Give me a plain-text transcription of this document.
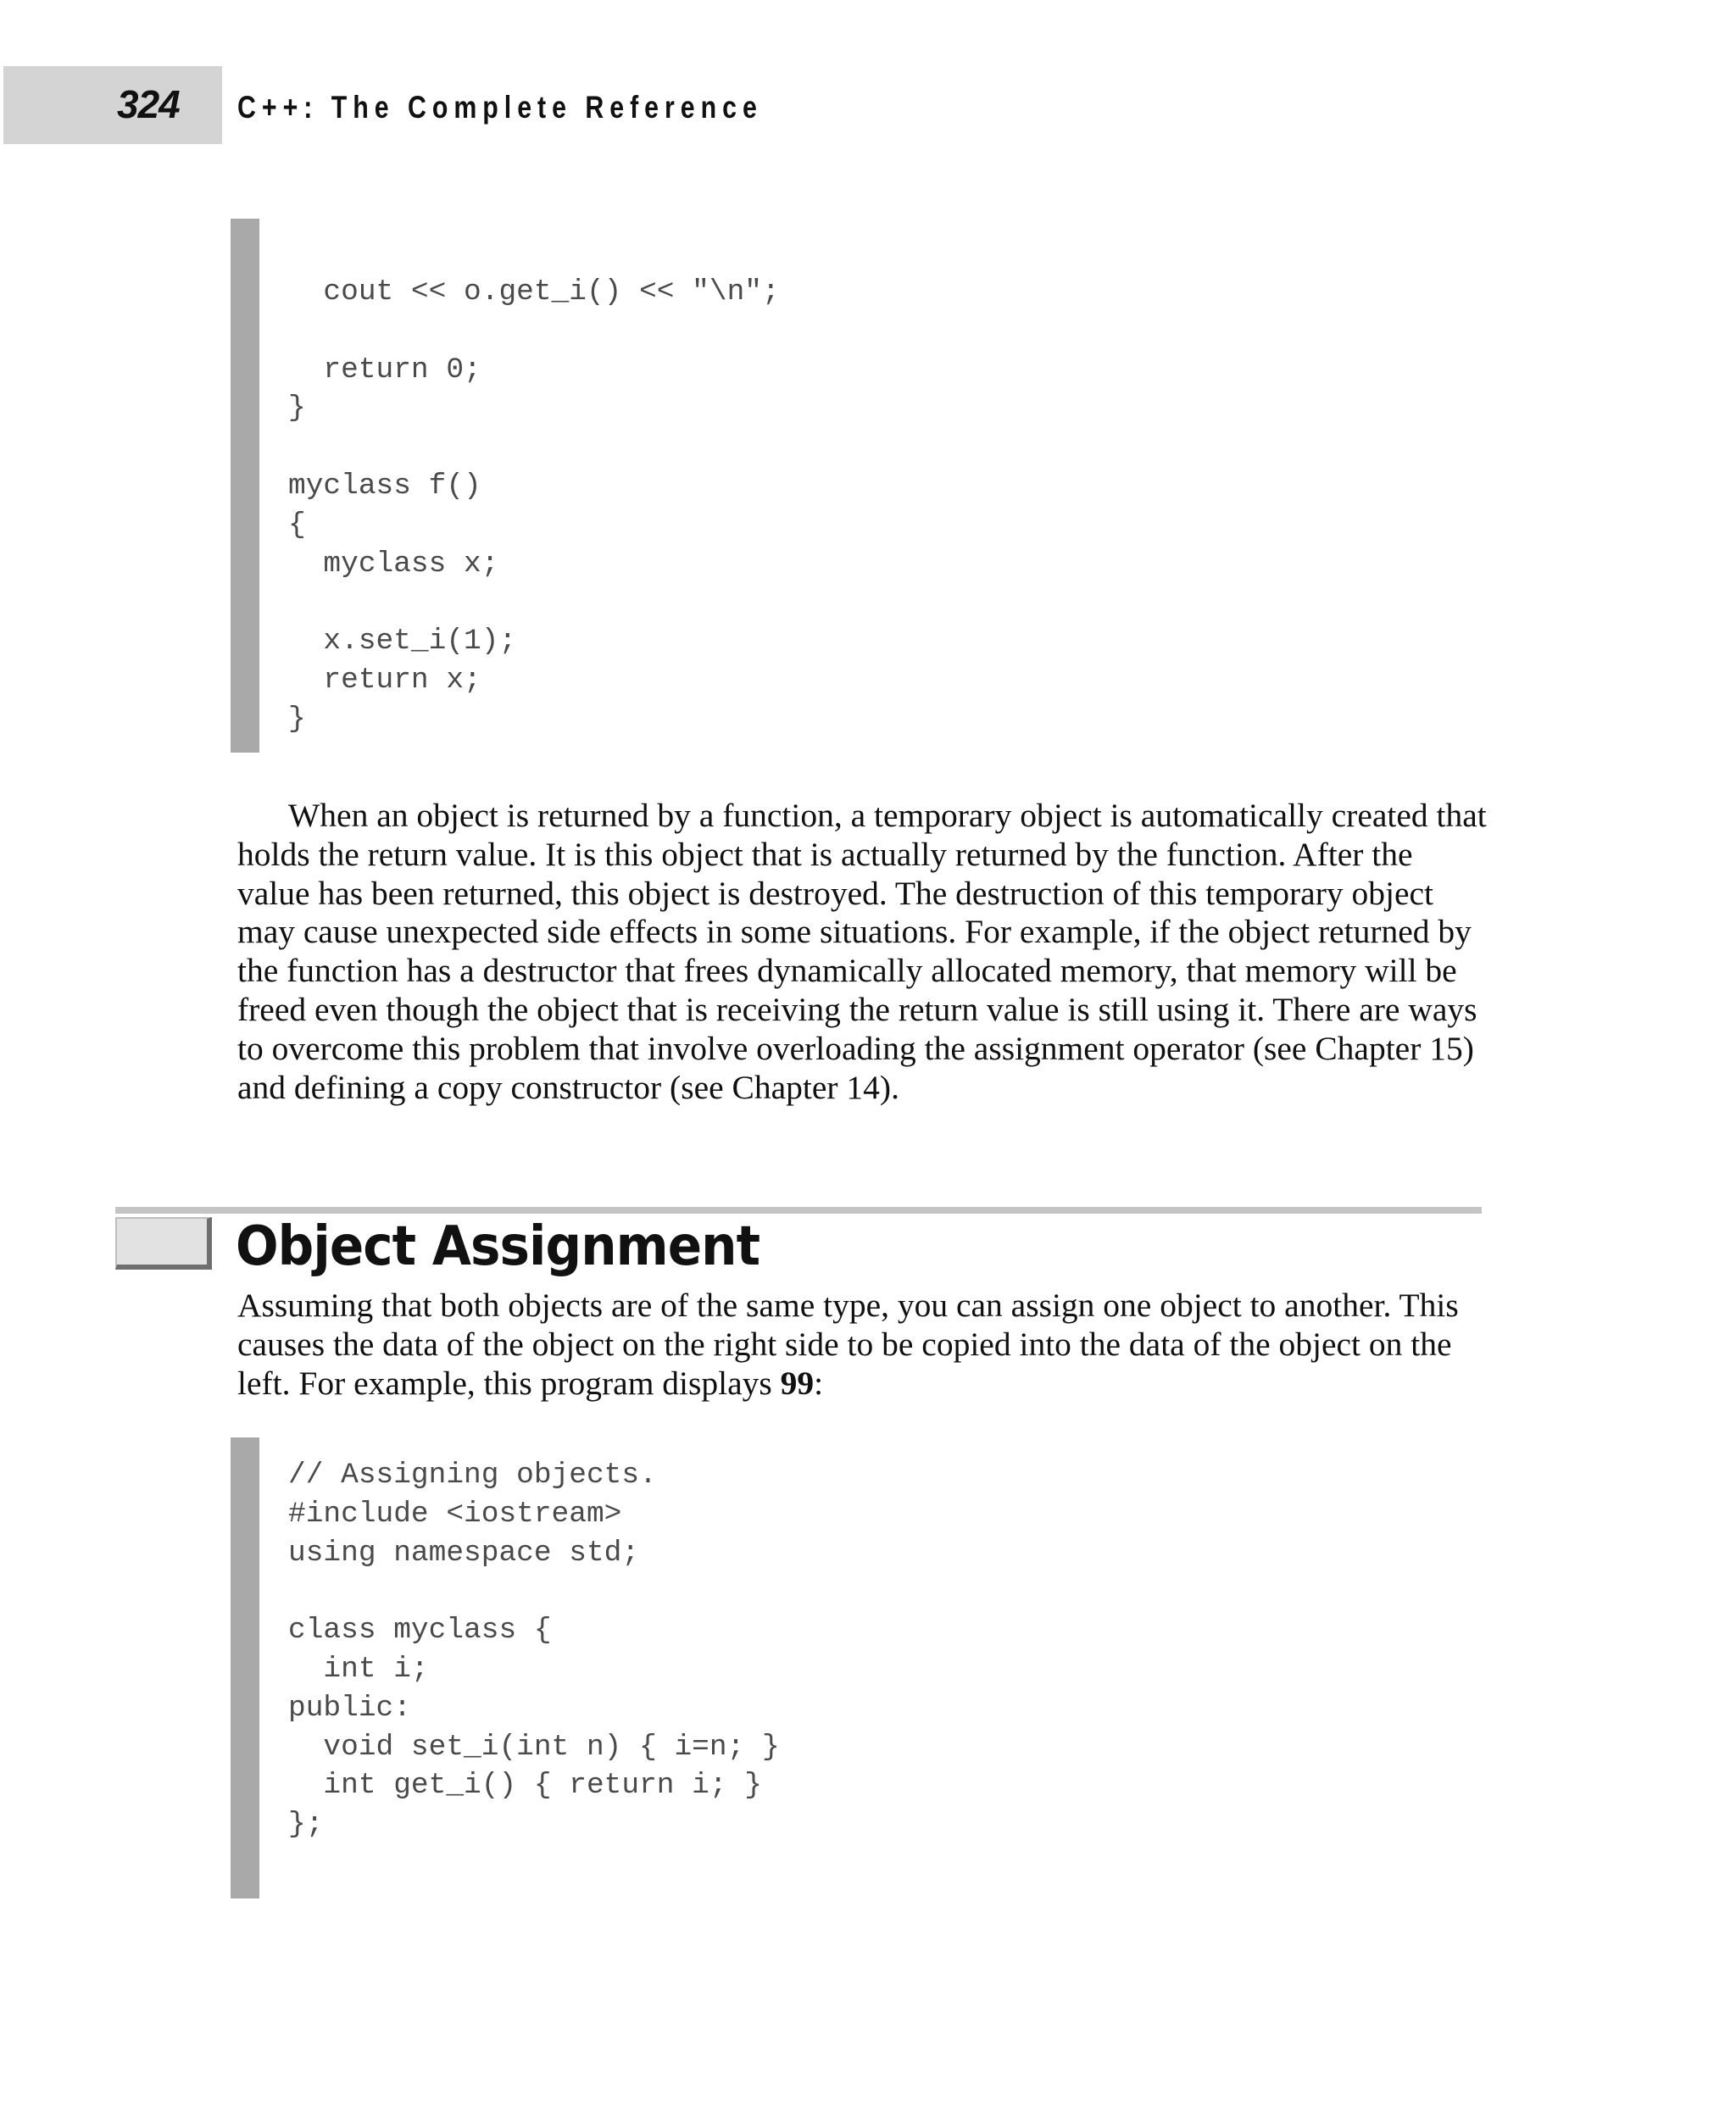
324 C++: The Complete Reference
cout << o.get_i() << "\n";

return 0;
}

myclass f()
{
myclass x;

x.set_i(1);
return x;
}

When an object is returned by a function, a temporary object is automatically created that holds the return value. It is this object that is actually returned by the function. After the value has been returned, this object is destroyed. The destruction of this temporary object may cause unexpected side effects in some situations. For example, if the object returned by the function has a destructor that frees dynamically allocated memory, that memory will be freed even though the object that is receiving the return value is still using it. There are ways to overcome this problem that involve overloading the assignment operator (see Chapter 15) and defining a copy constructor (see Chapter 14).

Object Assignment

Assuming that both objects are of the same type, you can assign one object to another. This causes the data of the object on the right side to be copied into the data of the object on the left. For example, this program displays 99:

// Assigning objects.
#include <iostream>
using namespace std;

class myclass {
int i;
public:
void set_i(int n) { i=n; }
int get_i() { return i; }
};
